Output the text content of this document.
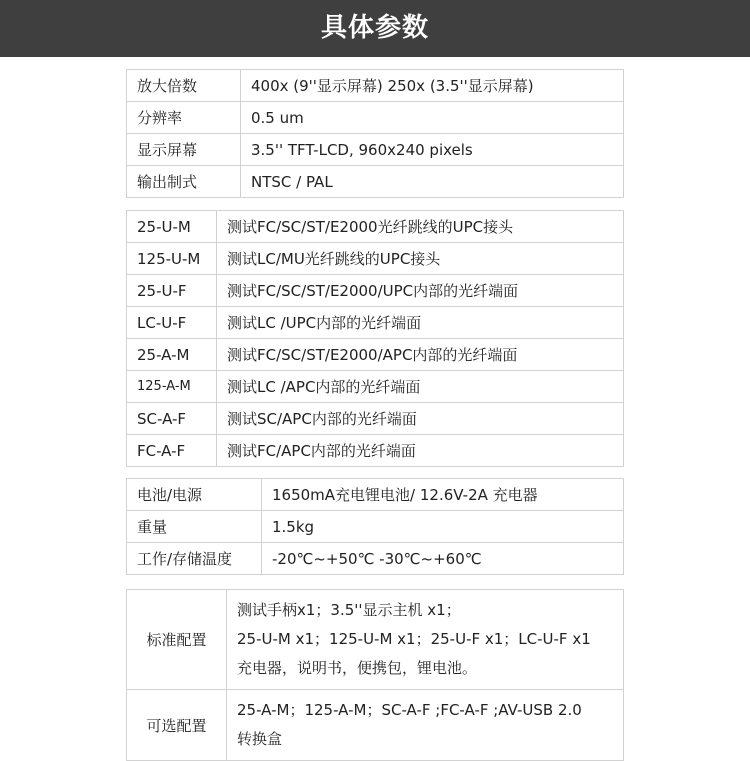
具体参数
放大倍数	400x (9''显示屏幕) 250x (3.5''显示屏幕)
分辨率	0.5 um
显示屏幕	3.5'' TFT-LCD, 960x240 pixels
输出制式	NTSC / PAL
25-U-M	测试FC/SC/ST/E2000光纤跳线的UPC接头
125-U-M	测试LC/MU光纤跳线的UPC接头
25-U-F	测试FC/SC/ST/E2000/UPC内部的光纤端面
LC-U-F	测试LC /UPC内部的光纤端面
25-A-M	测试FC/SC/ST/E2000/APC内部的光纤端面
125-A-M	测试LC /APC内部的光纤端面
SC-A-F	测试SC/APC内部的光纤端面
FC-A-F	测试FC/APC内部的光纤端面
电池/电源	1650mA充电锂电池/ 12.6V-2A 充电器
重量	1.5kg
工作/存储温度	-20℃~+50℃ -30℃~+60℃
标准配置	测试手柄x1；3.5''显示主机 x1；
25-U-M x1；125-U-M x1；25-U-F x1；LC-U-F x1
充电器，说明书，便携包，锂电池。

可选配置	25-A-M；125-A-M；SC-A-F ;FC-A-F ;AV-USB 2.0
转换盒
